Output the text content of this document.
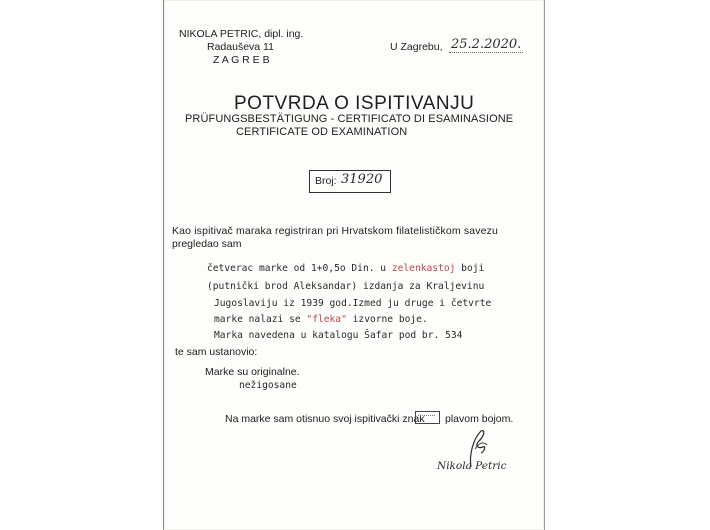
NIKOLA PETRIC, dipl. ing.
Radauševa 11
Z A G R E B
U Zagrebu, 25.2.2020.
POTVRDA O ISPITIVANJU
PRÜFUNGSBESTÄTIGUNG - CERTIFICATO DI ESAMINASIONE
CERTIFICATE OD EXAMINATION
Broj: 31920
Kao ispitivač maraka registriran pri Hrvatskom filatelističkom savezu
pregledao sam
četverac marke od 1+0,5o Din. u zelenkastoj boji
(putnički brod Aleksandar) izdanja za Kraljevinu
Jugoslaviju iz 1939 god.Izmed ju druge i četvrte
marke nalazi se "fleka" izvorne boje.
Marka navedena u katalogu Šafar pod br. 534
te sam ustanovio:
Marke su originalne.
nežigosane
Na marke sam otisnuo svoj ispitivački znak plavom bojom.
Nikola Petric
